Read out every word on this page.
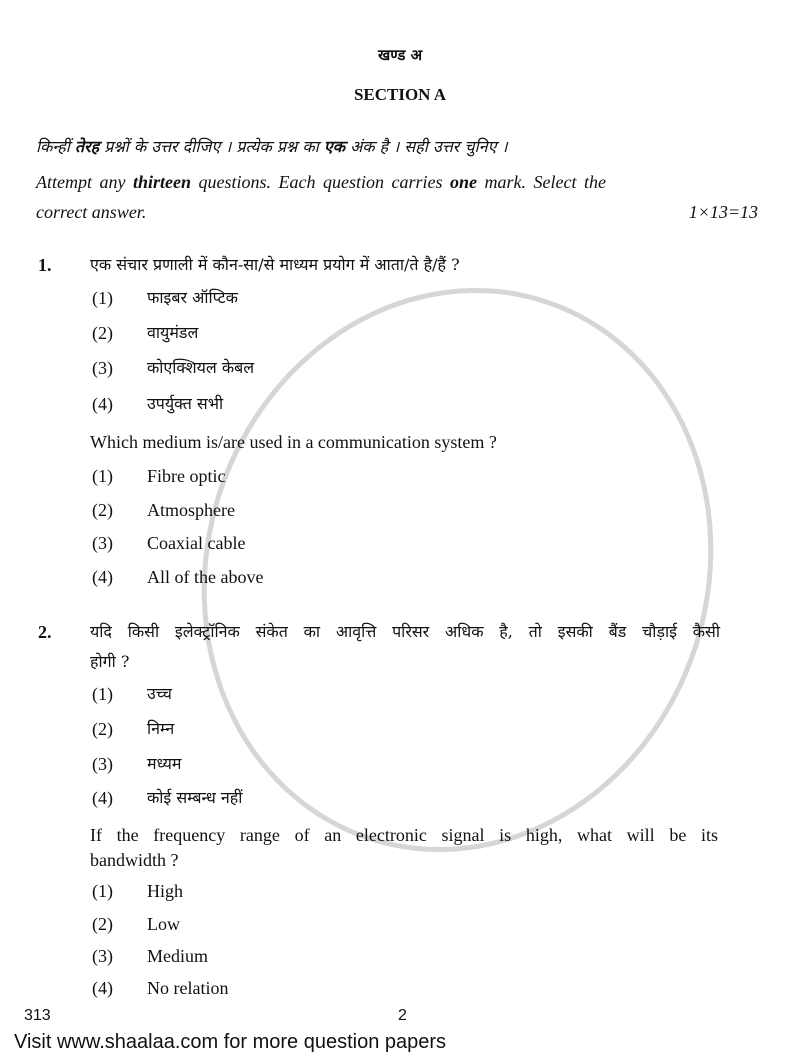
खण्ड अ
SECTION A
किन्हीं तेरह प्रश्नों के उत्तर दीजिए । प्रत्येक प्रश्न का एक अंक है । सही उत्तर चुनिए ।
Attempt any thirteen questions. Each question carries one mark. Select the
correct answer.	1×13=13
1. एक संचार प्रणाली में कौन-सा/से माध्यम प्रयोग में आता/ते है/हैं ?
(1) फाइबर ऑप्टिक
(2) वायुमंडल
(3) कोएक्शियल केबल
(4) उपर्युक्त सभी
Which medium is/are used in a communication system ?
(1) Fibre optic
(2) Atmosphere
(3) Coaxial cable
(4) All of the above
2. यदि किसी इलेक्ट्रॉनिक संकेत का आवृत्ति परिसर अधिक है, तो इसकी बैंड चौड़ाई कैसी
होगी ?
(1) उच्च
(2) निम्न
(3) मध्यम
(4) कोई सम्बन्ध नहीं
If the frequency range of an electronic signal is high, what will be its
bandwidth ?
(1) High
(2) Low
(3) Medium
(4) No relation
313	2
Visit www.shaalaa.com for more question papers
